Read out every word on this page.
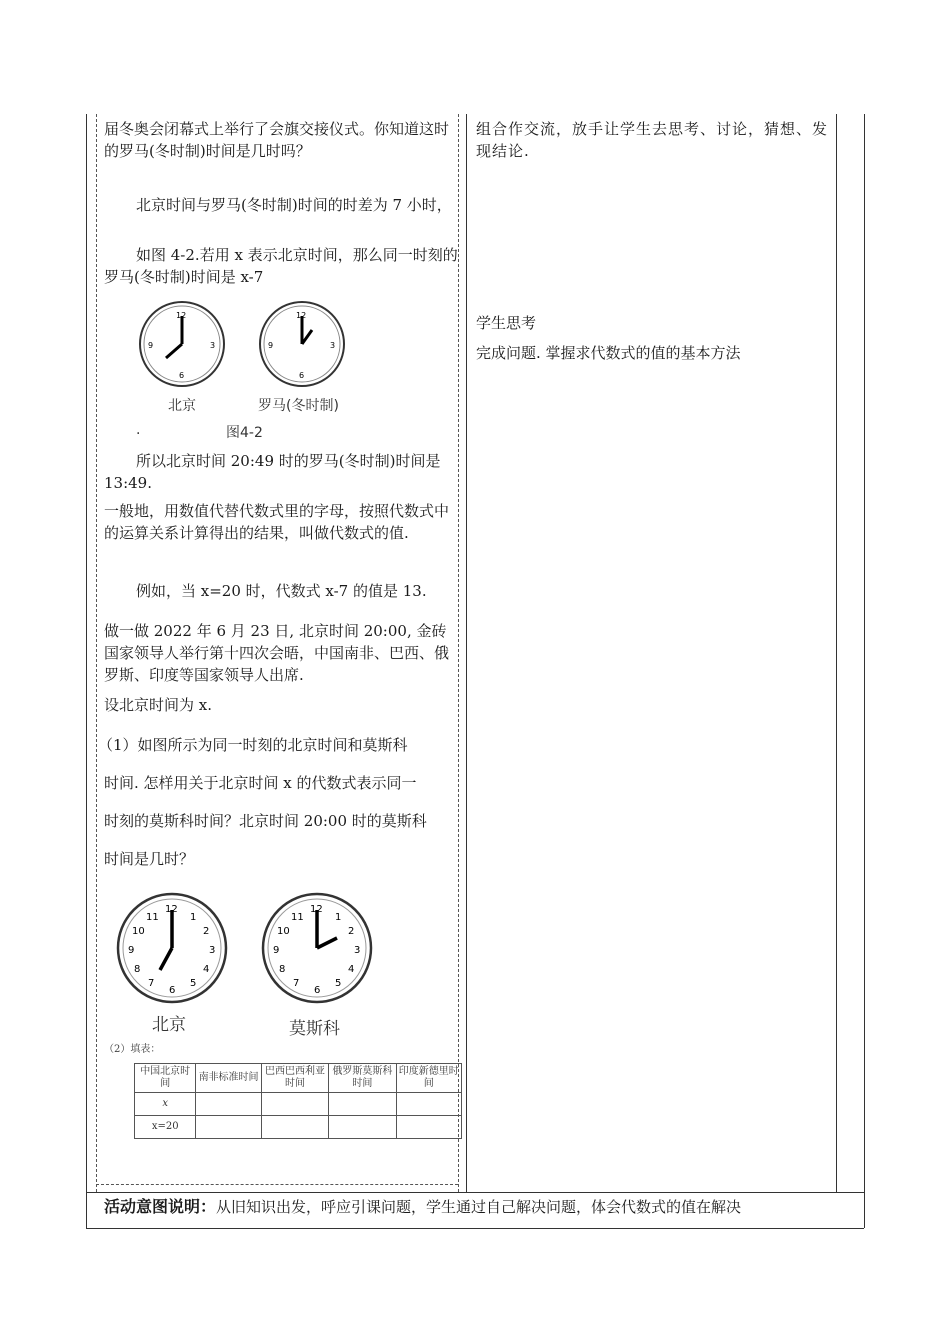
届冬奥会闭幕式上举行了会旗交接仪式。你知道这时的罗马(冬时制)时间是几时吗？
北京时间与罗马(冬时制)时间的时差为 7 小时，
如图 4-2.若用 x 表示北京时间，那么同一时刻的罗马(冬时制)时间是 x-7
12
3
6
9
12
3
6
9
北京	罗马(冬时制)
.	图4-2
所以北京时间 20:49 时的罗马(冬时制)时间是 13:49.
一般地，用数值代替代数式里的字母，按照代数式中的运算关系计算得出的结果，叫做代数式的值.
例如，当 x=20 时，代数式 x-7 的值是 13.
做一做 2022 年 6 月 23 日, 北京时间 20:00, 金砖国家领导人举行第十四次会晤，中国南非、巴西、俄罗斯、印度等国家领导人出席.
设北京时间为 x.
（1）如图所示为同一时刻的北京时间和莫斯科
时间. 怎样用关于北京时间 x 的代数式表示同一
时刻的莫斯科时间？北京时间 20:00 时的莫斯科
时间是几时？
12
3
6
9
1
2
4
5
7
8
10
11
12
3
6
9
1
2
4
5
7
8
10
11
北京	莫斯科
（2）填表：
中国北京时间	南非标准时间	巴西巴西利亚时间	俄罗斯莫斯科时间	印度新德里时间
x				
x=20				
组合作交流，放手让学生去思考、讨论，猜想、发现结论.
学生思考
完成问题. 掌握求代数式的值的基本方法
活动意图说明：从旧知识出发，呼应引课问题，学生通过自己解决问题，体会代数式的值在解决
